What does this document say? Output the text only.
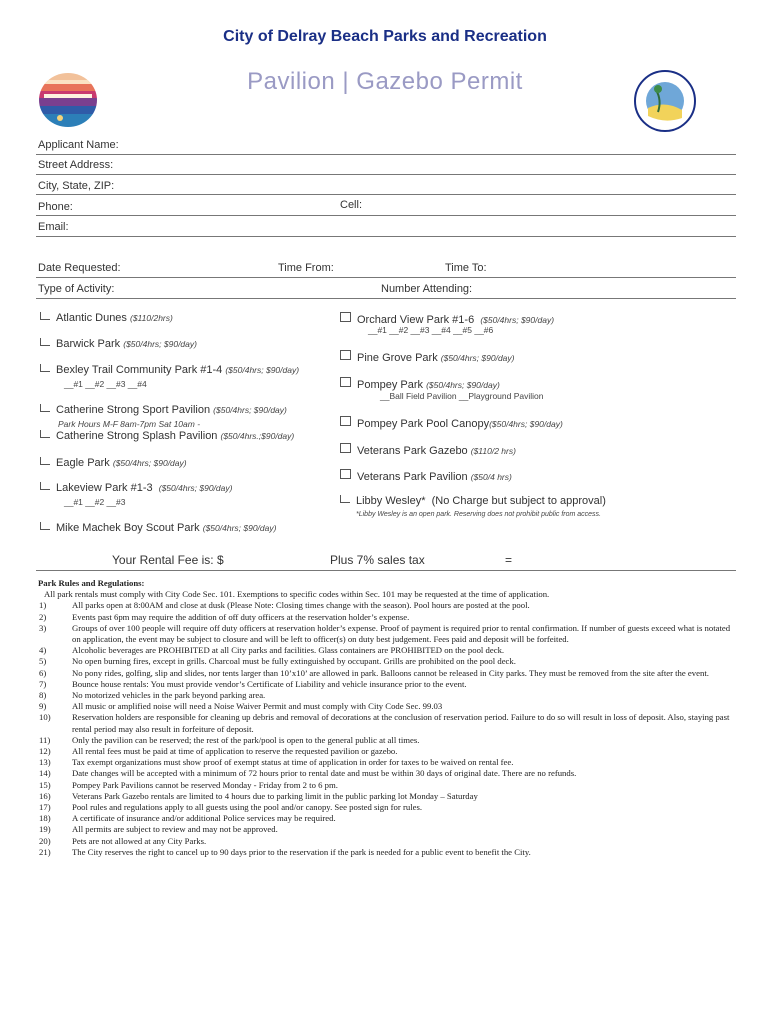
City of Delray Beach Parks and Recreation
Pavilion | Gazebo Permit
Applicant Name:
Street Address:
City, State, ZIP:
Phone:	Cell:
Email:
Date Requested:	Time From:	Time To:
Type of Activity:	Number Attending:
Atlantic Dunes ($110/2hrs)
Barwick Park ($50/4hrs; $90/day)
Bexley Trail Community Park #1-4 ($50/4hrs; $90/day)
__#1 __#2 __#3 __#4
Catherine Strong Sport Pavilion ($50/4hrs; $90/day)
Park Hours M-F 8am-7pm Sat 10am -
Catherine Strong Splash Pavilion ($50/4hrs.;$90/day)
Eagle Park ($50/4hrs; $90/day)
Lakeview Park #1-3 ($50/4hrs; $90/day)
__#1 __#2 __#3
Mike Machek Boy Scout Park ($50/4hrs; $90/day)
Orchard View Park #1-6 ($50/4hrs; $90/day)
__#1 __#2 __#3 __#4 __#5 __#6
Pine Grove Park ($50/4hrs; $90/day)
Pompey Park ($50/4hrs; $90/day)
__Ball Field Pavilion __Playground Pavilion
Pompey Park Pool Canopy($50/4hrs; $90/day)
Veterans Park Gazebo ($110/2 hrs)
Veterans Park Pavilion ($50/4 hrs)
Libby Wesley* (No Charge but subject to approval)
*Libby Wesley is an open park. Reserving does not prohibit public from access.
Your Rental Fee is: $	Plus 7% sales tax	=
Park Rules and Regulations:
All park rentals must comply with City Code Sec. 101. Exemptions to specific codes within Sec. 101 may be requested at the time of application.
1)	All parks open at 8:00AM and close at dusk (Please Note: Closing times change with the season). Pool hours are posted at the pool.
2)	Events past 6pm may require the addition of off duty officers at the reservation holder’s expense.
3)	Groups of over 100 people will require off duty officers at reservation holder’s expense. Proof of payment is required prior to rental confirmation. If number of guests exceed what is notated on application, the event may be subject to closure and will be left to officer(s) on duty best judgement. Fees paid and deposit will be forfeited.
4)	Alcoholic beverages are PROHIBITED at all City parks and facilities. Glass containers are PROHIBITED on the pool deck.
5)	No open burning fires, except in grills. Charcoal must be fully extinguished by occupant. Grills are prohibited on the pool deck.
6)	No pony rides, golfing, slip and slides, nor tents larger than 10’x10’ are allowed in park. Balloons cannot be released in City parks. They must be removed from the site after the event.
7)	Bounce house rentals: You must provide vendor’s Certificate of Liability and vehicle insurance prior to the event.
8)	No motorized vehicles in the park beyond parking area.
9)	All music or amplified noise will need a Noise Waiver Permit and must comply with City Code Sec. 99.03
10)	Reservation holders are responsible for cleaning up debris and removal of decorations at the conclusion of reservation period. Failure to do so will result in loss of deposit. Also, staying past rental period may also result in forfeiture of deposit.
11)	Only the pavilion can be reserved; the rest of the park/pool is open to the general public at all times.
12)	All rental fees must be paid at time of application to reserve the requested pavilion or gazebo.
13)	Tax exempt organizations must show proof of exempt status at time of application in order for taxes to be waived on rental fee.
14)	Date changes will be accepted with a minimum of 72 hours prior to rental date and must be within 30 days of original date. There are no refunds.
15)	Pompey Park Pavilions cannot be reserved Monday - Friday from 2 to 6 pm.
16)	Veterans Park Gazebo rentals are limited to 4 hours due to parking limit in the public parking lot Monday – Saturday
17)	Pool rules and regulations apply to all guests using the pool and/or canopy. See posted sign for rules.
18)	A certificate of insurance and/or additional Police services may be required.
19)	All permits are subject to review and may not be approved.
20)	Pets are not allowed at any City Parks.
21)	The City reserves the right to cancel up to 90 days prior to the reservation if the park is needed for a public event to benefit the City.
